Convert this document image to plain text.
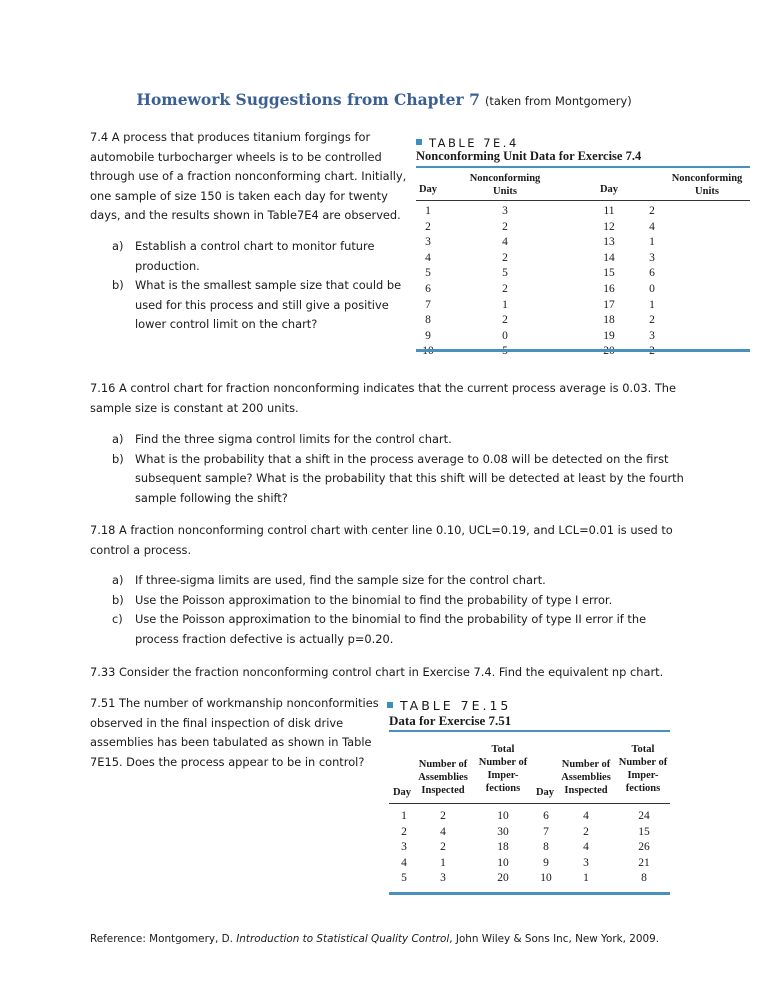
Homework Suggestions from Chapter 7 (taken from Montgomery)
7.4 A process that produces titanium forgings for
automobile turbocharger wheels is to be controlled
through use of a fraction nonconforming chart. Initially,
one sample of size 150 is taken each day for twenty
days, and the results shown in Table7E4 are observed.
a) Establish a control chart to monitor future
production.
b) What is the smallest sample size that could be
used for this process and still give a positive
lower control limit on the chart?
TABLE 7E.4
Nonconforming Unit Data for Exercise 7.4
Day
Nonconforming
Units	Day
Nonconforming
Units
1
2
3
4
5
6
7
8
9
3
2
4
2
5
2
1
2
0
11
12
13
14
15
16
17
18
19
2
4
1
3
6
0
1
2
3
7.16 A control chart for fraction nonconforming indicates that the current process average is 0.03. The
sample size is constant at 200 units.
a) Find the three sigma control limits for the control chart.
b) What is the probability that a shift in the process average to 0.08 will be detected on the first
subsequent sample? What is the probability that this shift will be detected at least by the fourth
sample following the shift?
7.18 A fraction nonconforming control chart with center line 0.10, UCL=0.19, and LCL=0.01 is used to
control a process.
a) If three-sigma limits are used, find the sample size for the control chart.
b) Use the Poisson approximation to the binomial to find the probability of type I error.
c) Use the Poisson approximation to the binomial to find the probability of type II error if the
process fraction defective is actually p=0.20.
7.33 Consider the fraction nonconforming control chart in Exercise 7.4. Find the equivalent np chart.
7.51 The number of workmanship nonconformities
observed in the final inspection of disk drive
assemblies has been tabulated as shown in Table
7E15. Does the process appear to be in control?
TABLE 7E.15
Data for Exercise 7.51
Day
Number of
Assemblies
Inspected
Total
Number of
Imper-
fections	Day
Number of
Assemblies
Inspected
Total
Number of
Imper-
fections
1
2
3
4
5
2
4
2
1
3
10
30
18
10
20
6
7
8
9
10
4
2
4
3
1
24
15
26
21
8
Reference: Montgomery, D. Introduction to Statistical Quality Control, John Wiley & Sons Inc, New York, 2009.
